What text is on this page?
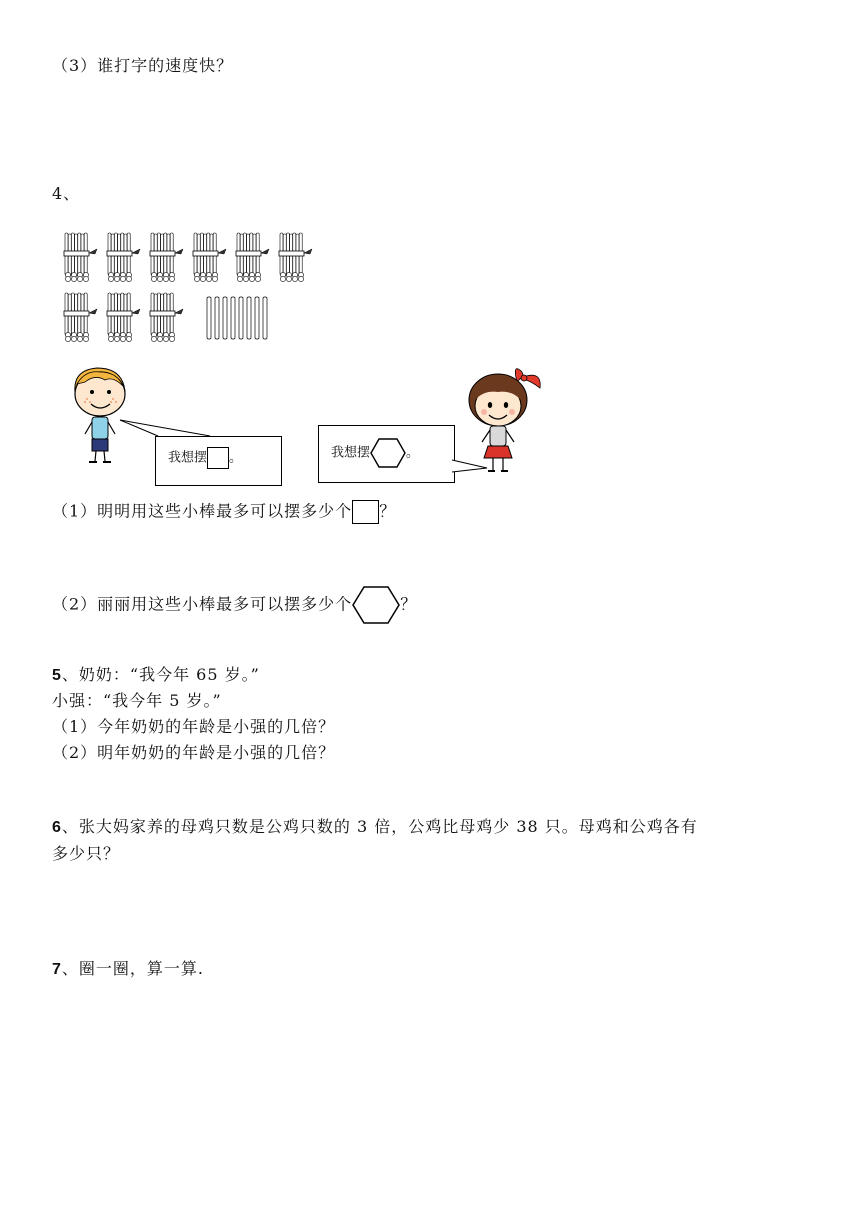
（3）谁打字的速度快？
4、
我想摆 。	我想摆	。
（1）明明用这些小棒最多可以摆多少个 ？
（2）丽丽用这些小棒最多可以摆多少个	？
5、奶奶：“我今年 65 岁。”
小强：“我今年 5 岁。”
（1）今年奶奶的年龄是小强的几倍？
（2）明年奶奶的年龄是小强的几倍？
6、张大妈家养的母鸡只数是公鸡只数的 3 倍，公鸡比母鸡少 38 只。母鸡和公鸡各有
多少只？
7、圈一圈，算一算.
